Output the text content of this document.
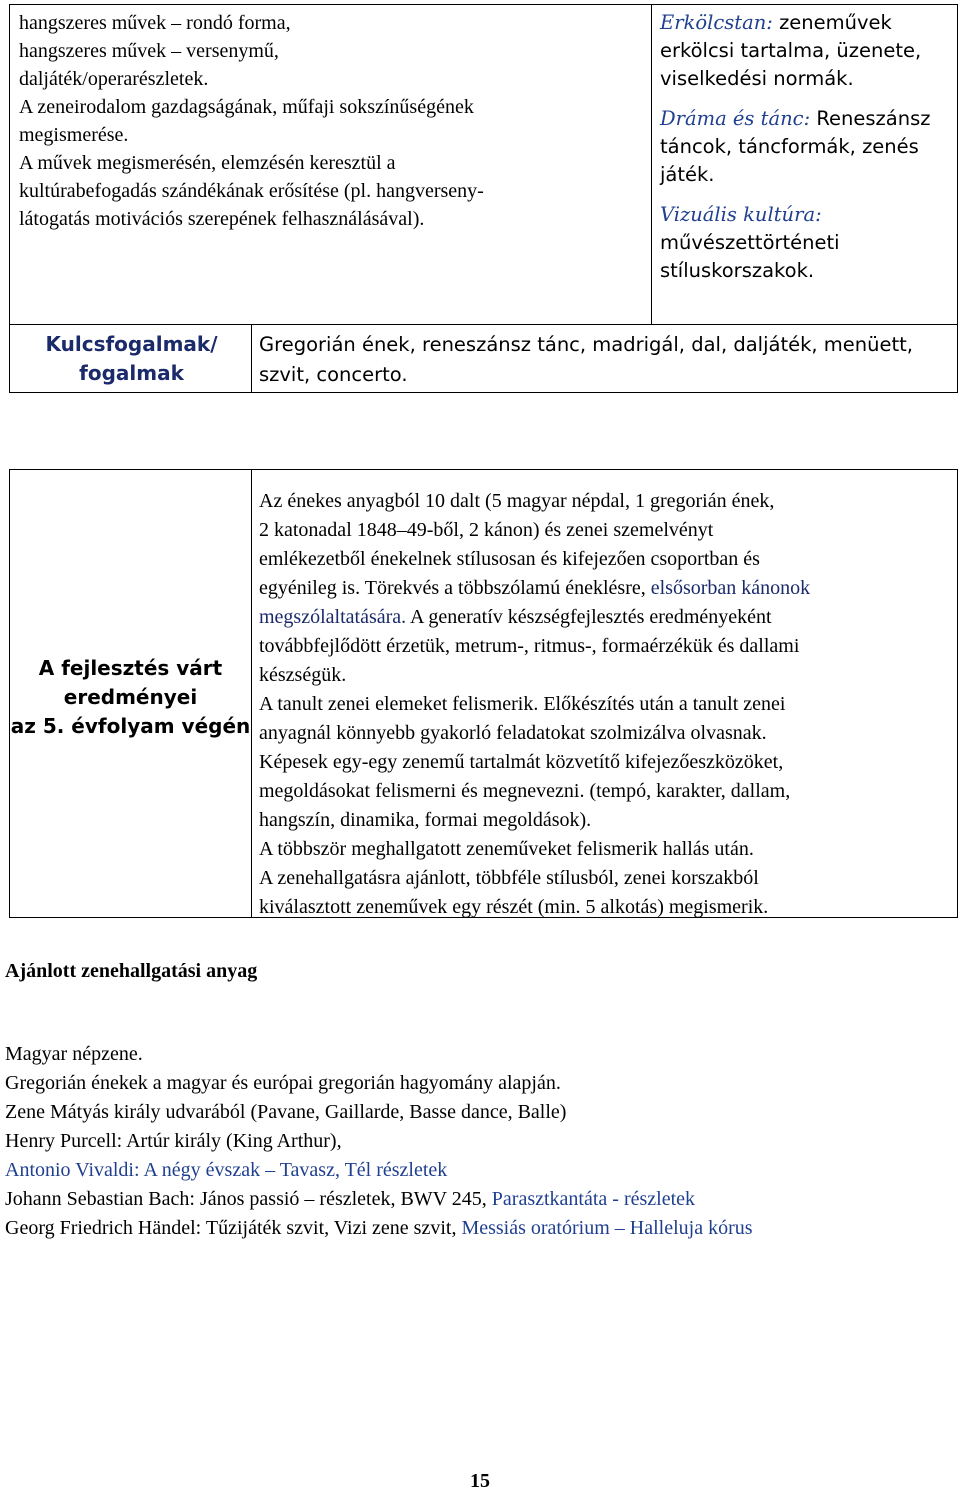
hangszeres művek – rondó forma,
hangszeres művek – versenymű,
daljáték/operarészletek.
A zeneirodalom gazdagságának, műfaji sokszínűségének
megismerése.
A művek megismerésén, elemzésén keresztül a
kultúrabefogadás szándékának erősítése (pl. hangverseny-
látogatás motivációs szerepének felhasználásával).

Erkölcstan: zeneművek erkölcsi tartalma, üzenete, viselkedési normák.

Dráma és tánc: Reneszánsz táncok, táncformák, zenés játék.

Vizuális kultúra:
művészettörténeti stíluskorszakok.

Kulcsfogalmak/
fogalmak
Gregorián ének, reneszánsz tánc, madrigál, dal, daljáték, menüett, szvit, concerto.
A fejlesztés várt
eredményei
az 5. évfolyam végén
Az énekes anyagból 10 dalt (5 magyar népdal, 1 gregorián ének,
2 katonadal 1848–49-ből, 2 kánon) és zenei szemelvényt
emlékezetből énekelnek stílusosan és kifejezően csoportban és
egyénileg is. Törekvés a többszólamú éneklésre, elsősorban kánonok
megszólaltatására. A generatív készségfejlesztés eredményeként
továbbfejlődött érzetük, metrum-, ritmus-, formaérzékük és dallami
készségük.
A tanult zenei elemeket felismerik. Előkészítés után a tanult zenei
anyagnál könnyebb gyakorló feladatokat szolmizálva olvasnak.
Képesek egy-egy zenemű tartalmát közvetítő kifejezőeszközöket,
megoldásokat felismerni és megnevezni. (tempó, karakter, dallam,
hangszín, dinamika, formai megoldások).
A többször meghallgatott zeneműveket felismerik hallás után.
A zenehallgatásra ajánlott, többféle stílusból, zenei korszakból
kiválasztott zeneművek egy részét (min. 5 alkotás) megismerik.
Ajánlott zenehallgatási anyag
Magyar népzene.
Gregorián énekek a magyar és európai gregorián hagyomány alapján.
Zene Mátyás király udvarából (Pavane, Gaillarde, Basse dance, Balle)
Henry Purcell: Artúr király (King Arthur),
Antonio Vivaldi: A négy évszak – Tavasz, Tél részletek
Johann Sebastian Bach: János passió – részletek, BWV 245, Parasztkantáta - részletek
Georg Friedrich Händel: Tűzijáték szvit, Vizi zene szvit, Messiás oratórium – Halleluja kórus
15
